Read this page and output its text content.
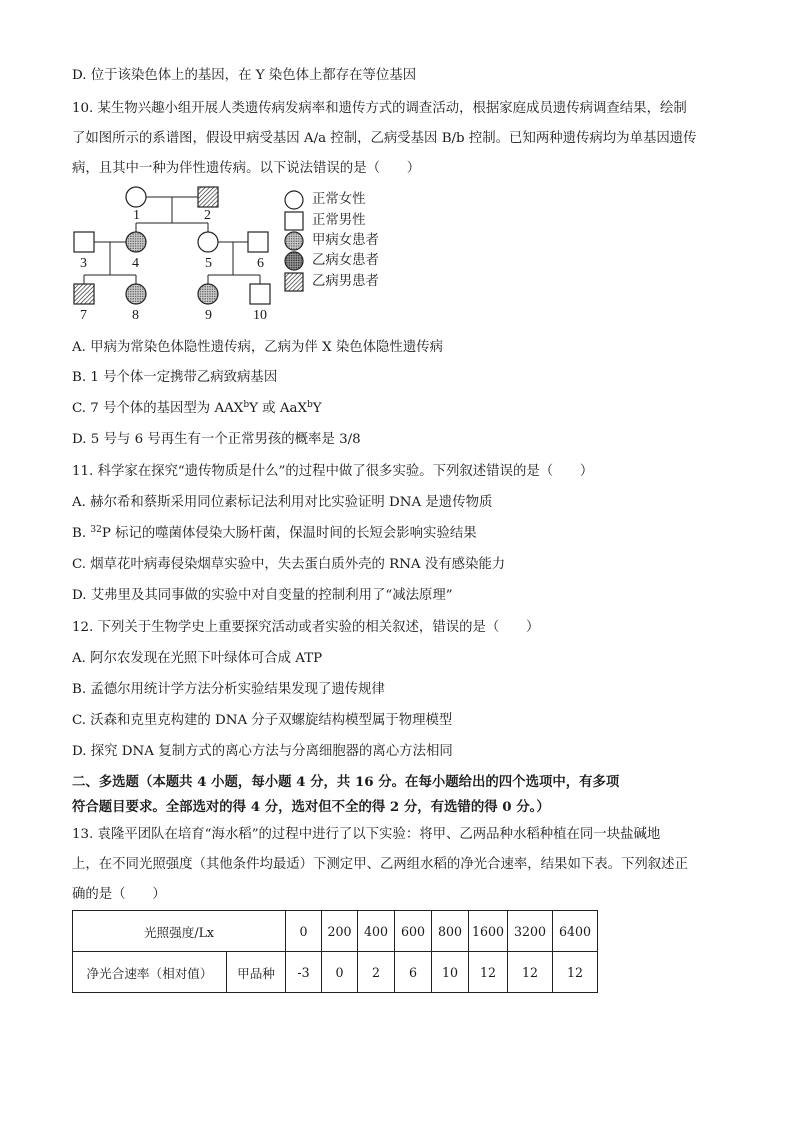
D. 位于该染色体上的基因，在 Y 染色体上都存在等位基因
10. 某生物兴趣小组开展人类遗传病发病率和遗传方式的调查活动，根据家庭成员遗传病调查结果，绘制
了如图所示的系谱图，假设甲病受基因 A/a 控制，乙病受基因 B/b 控制。已知两种遗传病均为单基因遗传
病，且其中一种为伴性遗传病。以下说法错误的是（　　）
1	2
3	4	5	6
7	8	9	10
正常女性
正常男性
甲病女患者
乙病女患者
乙病男患者
A. 甲病为常染色体隐性遗传病，乙病为伴 X 染色体隐性遗传病
B. 1 号个体一定携带乙病致病基因
C. 7 号个体的基因型为 AAX$^b$Y 或 AaX$^b$Y
D. 5 号与 6 号再生有一个正常男孩的概率是 3/8
11. 科学家在探究“遗传物质是什么”的过程中做了很多实验。下列叙述错误的是（　　）
A. 赫尔希和蔡斯采用同位素标记法利用对比实验证明 DNA 是遗传物质
B. $^{32}$P 标记的噬菌体侵染大肠杆菌，保温时间的长短会影响实验结果
C. 烟草花叶病毒侵染烟草实验中，失去蛋白质外壳的 RNA 没有感染能力
D. 艾弗里及其同事做的实验中对自变量的控制利用了“减法原理”
12. 下列关于生物学史上重要探究活动或者实验的相关叙述，错误的是（　　）
A. 阿尔农发现在光照下叶绿体可合成 ATP
B. 孟德尔用统计学方法分析实验结果发现了遗传规律
C. 沃森和克里克构建的 DNA 分子双螺旋结构模型属于物理模型
D. 探究 DNA 复制方式的离心方法与分离细胞器的离心方法相同
二、多选题（本题共 4 小题，每小题 4 分，共 16 分。在每小题给出的四个选项中，有多项
符合题目要求。全部选对的得 4 分，选对但不全的得 2 分，有选错的得 0 分。）
13. 袁隆平团队在培育“海水稻”的过程中进行了以下实验：将甲、乙两品种水稻种植在同一块盐碱地
上，在不同光照强度（其他条件均最适）下测定甲、乙两组水稻的净光合速率，结果如下表。下列叙述正
确的是（　　）
光照强度/Lx		0	200	400	600	800	1600	3200	6400
净光合速率（相对值）	甲品种	-3	0	2	6	10	12	12	12
